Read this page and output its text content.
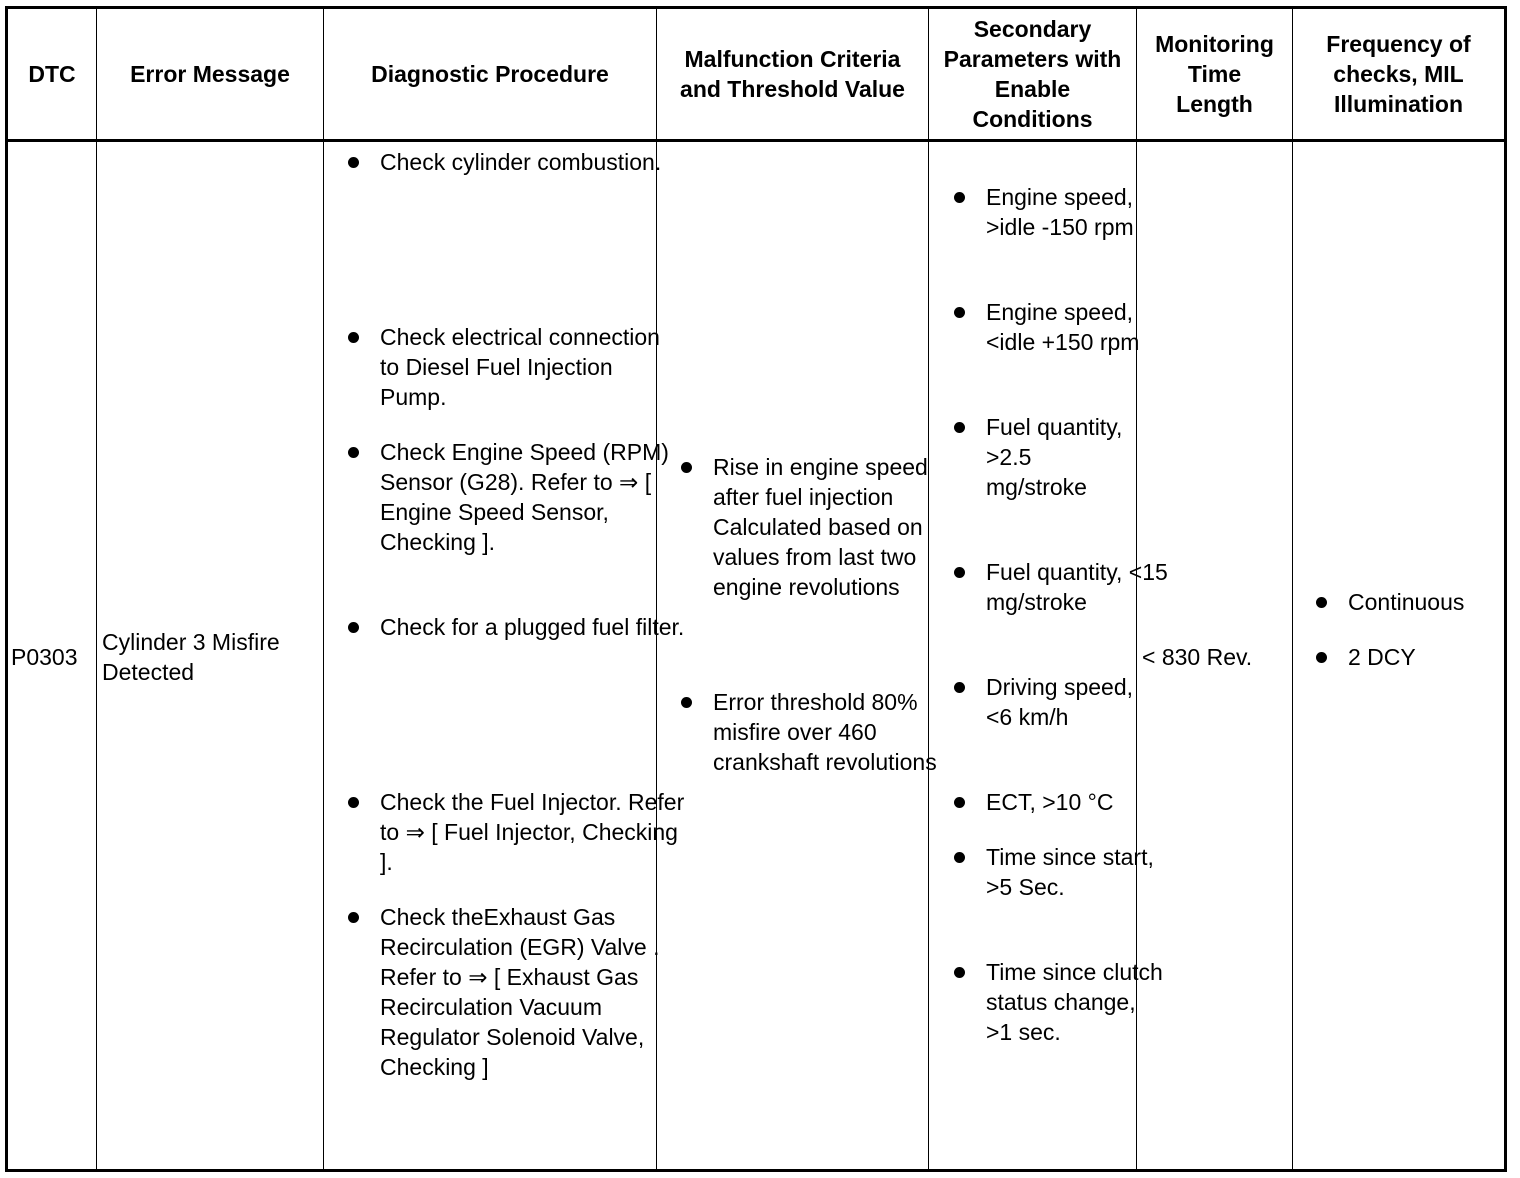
DTC	Error Message	Diagnostic Procedure
Malfunction Criteria and Threshold Value
Secondary Parameters with Enable Conditions
Monitoring Time Length
Frequency of checks, MIL Illumination
P0303
Cylinder 3 Misfire Detected
Check cylinder combustion.
Check electrical connection to Diesel Fuel Injection Pump.
Check Engine Speed (RPM) Sensor (G28). Refer to ⇒ [ Engine Speed Sensor, Checking ].
Check for a plugged fuel filter.
Check the Fuel Injector. Refer to ⇒ [ Fuel Injector, Checking ].
Check theExhaust Gas Recirculation (EGR) Valve . Refer to ⇒ [ Exhaust Gas Recirculation Vacuum Regulator Solenoid Valve, Checking ]
Rise in engine speed after fuel injection Calculated based on values from last two engine revolutions
Error threshold 80% misfire over 460 crankshaft revolutions
Engine speed, >idle -150 rpm
Engine speed, <idle +150 rpm
Fuel quantity, >2.5 mg/stroke
Fuel quantity, <15 mg/stroke
Driving speed, <6 km/h
ECT, >10 °C
Time since start, >5 Sec.
Time since clutch status change, >1 sec.
< 830 Rev.
Continuous
2 DCY
